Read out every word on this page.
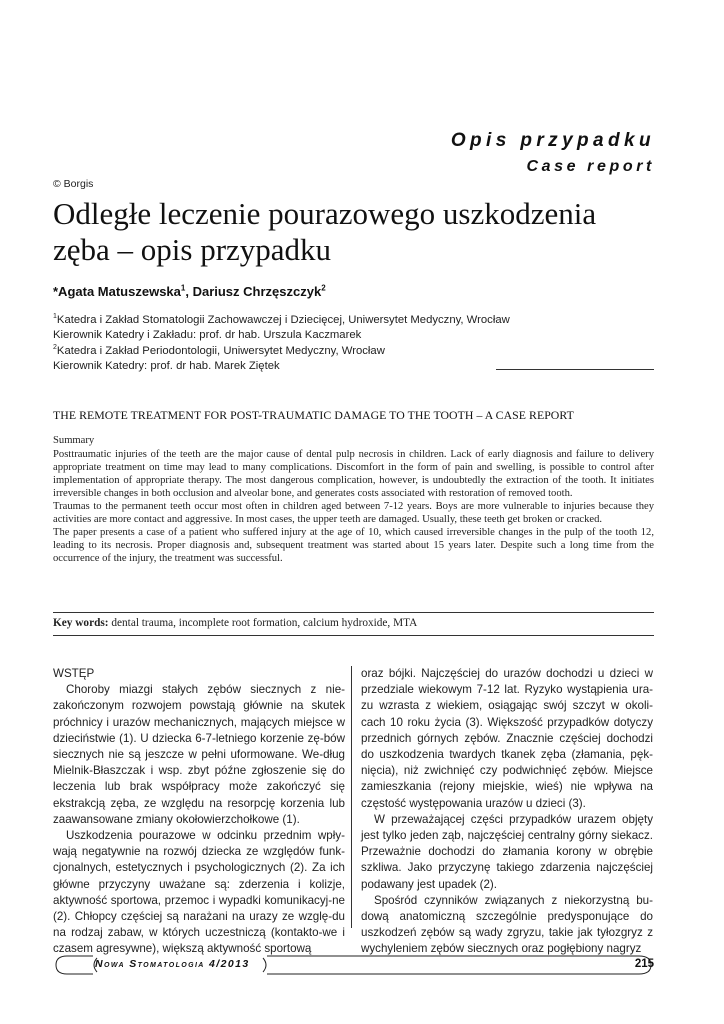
Opis przypadku
Case report
© Borgis
Odległe leczenie pourazowego uszkodzenia
zęba – opis przypadku
*Agata Matuszewska$^1$, Dariusz Chrzęszczyk$^2$
$^1$Katedra i Zakład Stomatologii Zachowawczej i Dziecięcej, Uniwersytet Medyczny, Wrocław
Kierownik Katedry i Zakładu: prof. dr hab. Urszula Kaczmarek
$^2$Katedra i Zakład Periodontologii, Uniwersytet Medyczny, Wrocław
Kierownik Katedry: prof. dr hab. Marek Ziętek
THE REMOTE TREATMENT FOR POST-TRAUMATIC DAMAGE TO THE TOOTH – A CASE REPORT

Summary

Posttraumatic injuries of the teeth are the major cause of dental pulp necrosis in children. Lack of early diagnosis and failure to delivery appropriate treatment on time may lead to many complications. Discomfort in the form of pain and swelling, is possible to control after implementation of appropriate therapy. The most dangerous complication, however, is undoubtedly the extraction of the tooth. It initiates irreversible changes in both occlusion and alveolar bone, and generates costs associated with restoration of removed tooth.

Traumas to the permanent teeth occur most often in children aged between 7-12 years. Boys are more vulnerable to injuries because they activities are more contact and aggressive. In most cases, the upper teeth are damaged. Usually, these teeth get broken or cracked.

The paper presents a case of a patient who suffered injury at the age of 10, which caused irreversible changes in the pulp of the tooth 12, leading to its necrosis. Proper diagnosis and, subsequent treatment was started about 15 years later. Despite such a long time from the occurrence of the injury, the treatment was successful.

Key words: dental trauma, incomplete root formation, calcium hydroxide, MTA

WSTĘP

Choroby miazgi stałych zębów siecznych z nie-zakończonym rozwojem powstają głównie na skutek próchnicy i urazów mechanicznych, mających miejsce w dzieciństwie (1). U dziecka 6-7-letniego korzenie zę-bów siecznych nie są jeszcze w pełni uformowane. We-dług Mielnik-Błaszczak i wsp. zbyt późne zgłoszenie się do leczenia lub brak współpracy może zakończyć się ekstrakcją zęba, ze względu na resorpcję korzenia lub zaawansowane zmiany okołowierzchołkowe (1).

Uszkodzenia pourazowe w odcinku przednim wpły-wają negatywnie na rozwój dziecka ze względów funk-cjonalnych, estetycznych i psychologicznych (2). Za ich główne przyczyny uważane są: zderzenia i kolizje, aktywność sportowa, przemoc i wypadki komunikacyj-ne (2). Chłopcy częściej są narażani na urazy ze wzglę-du na rodzaj zabaw, w których uczestniczą (kontakto-we i czasem agresywne), większą aktywność sportową

oraz bójki. Najczęściej do urazów dochodzi u dzieci w przedziale wiekowym 7-12 lat. Ryzyko wystąpienia ura-zu wzrasta z wiekiem, osiągając swój szczyt w okoli-cach 10 roku życia (3). Większość przypadków dotyczy przednich górnych zębów. Znacznie częściej dochodzi do uszkodzenia twardych tkanek zęba (złamania, pęk-nięcia), niż zwichnięć czy podwichnięć zębów. Miejsce zamieszkania (rejony miejskie, wieś) nie wpływa na częstość występowania urazów u dzieci (3).

W przeważającej części przypadków urazem objęty jest tylko jeden ząb, najczęściej centralny górny siekacz. Przeważnie dochodzi do złamania korony w obrębie szkliwa. Jako przyczynę takiego zdarzenia najczęściej podawany jest upadek (2).

Spośród czynników związanych z niekorzystną bu-dową anatomiczną szczególnie predysponujące do uszkodzeń zębów są wady zgryzu, takie jak tyłozgryz z wychyleniem zębów siecznych oraz pogłębiony nagryz

Nowa Stomatologia 4/2013	215
